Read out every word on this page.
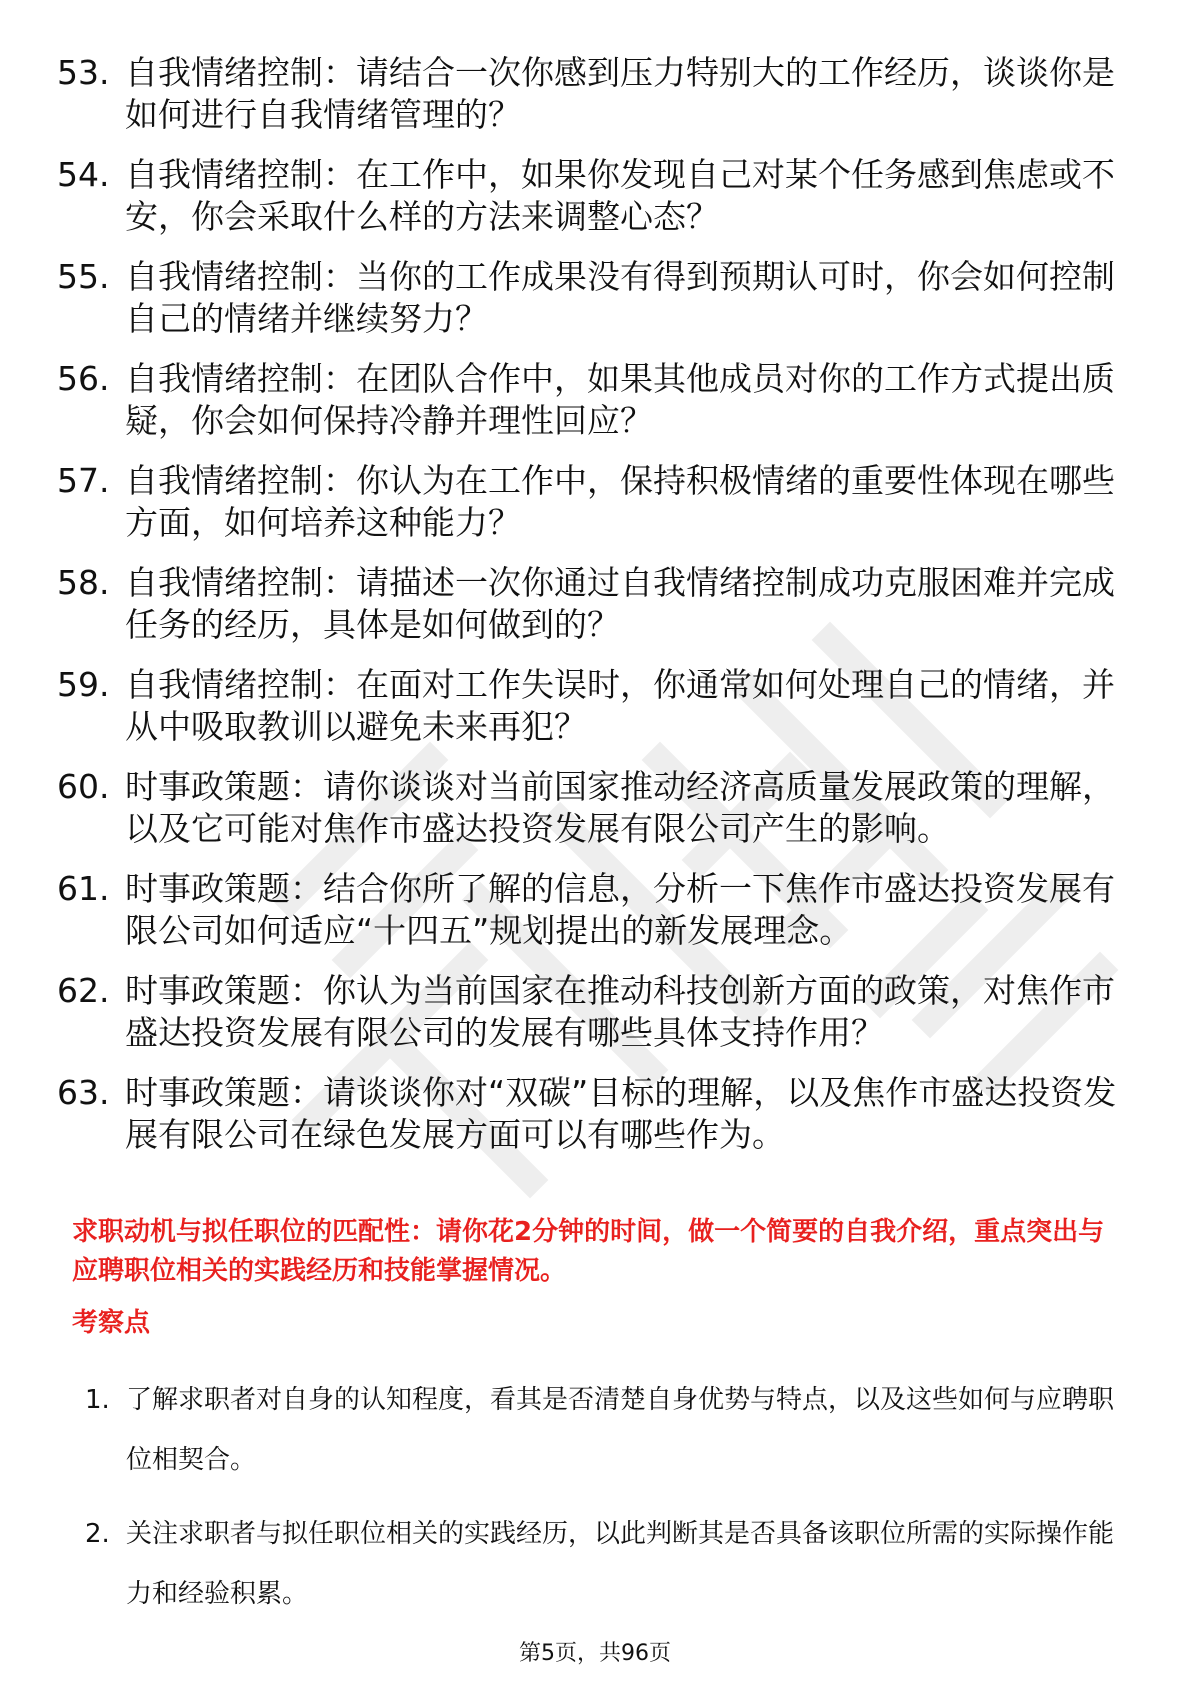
53. 自我情绪控制：请结合一次你感到压力特别大的工作经历，谈谈你是如何进行自我情绪管理的？
54. 自我情绪控制：在工作中，如果你发现自己对某个任务感到焦虑或不安，你会采取什么样的方法来调整心态？
55. 自我情绪控制：当你的工作成果没有得到预期认可时，你会如何控制自己的情绪并继续努力？
56. 自我情绪控制：在团队合作中，如果其他成员对你的工作方式提出质疑，你会如何保持冷静并理性回应？
57. 自我情绪控制：你认为在工作中，保持积极情绪的重要性体现在哪些方面，如何培养这种能力？
58. 自我情绪控制：请描述一次你通过自我情绪控制成功克服困难并完成任务的经历，具体是如何做到的？
59. 自我情绪控制：在面对工作失误时，你通常如何处理自己的情绪，并从中吸取教训以避免未来再犯？
60. 时事政策题：请你谈谈对当前国家推动经济高质量发展政策的理解，以及它可能对焦作市盛达投资发展有限公司产生的影响。
61. 时事政策题：结合你所了解的信息，分析一下焦作市盛达投资发展有限公司如何适应“十四五”规划提出的新发展理念。
62. 时事政策题：你认为当前国家在推动科技创新方面的政策，对焦作市盛达投资发展有限公司的发展有哪些具体支持作用？
63. 时事政策题：请谈谈你对“双碳”目标的理解，以及焦作市盛达投资发展有限公司在绿色发展方面可以有哪些作为。

求职动机与拟任职位的匹配性：请你花2分钟的时间，做一个简要的自我介绍，重点突出与应聘职位相关的实践经历和技能掌握情况。

考察点
1. 了解求职者对自身的认知程度，看其是否清楚自身优势与特点，以及这些如何与应聘职位相契合。
2. 关注求职者与拟任职位相关的实践经历，以此判断其是否具备该职位所需的实际操作能力和经验积累。
第5页，共96页
